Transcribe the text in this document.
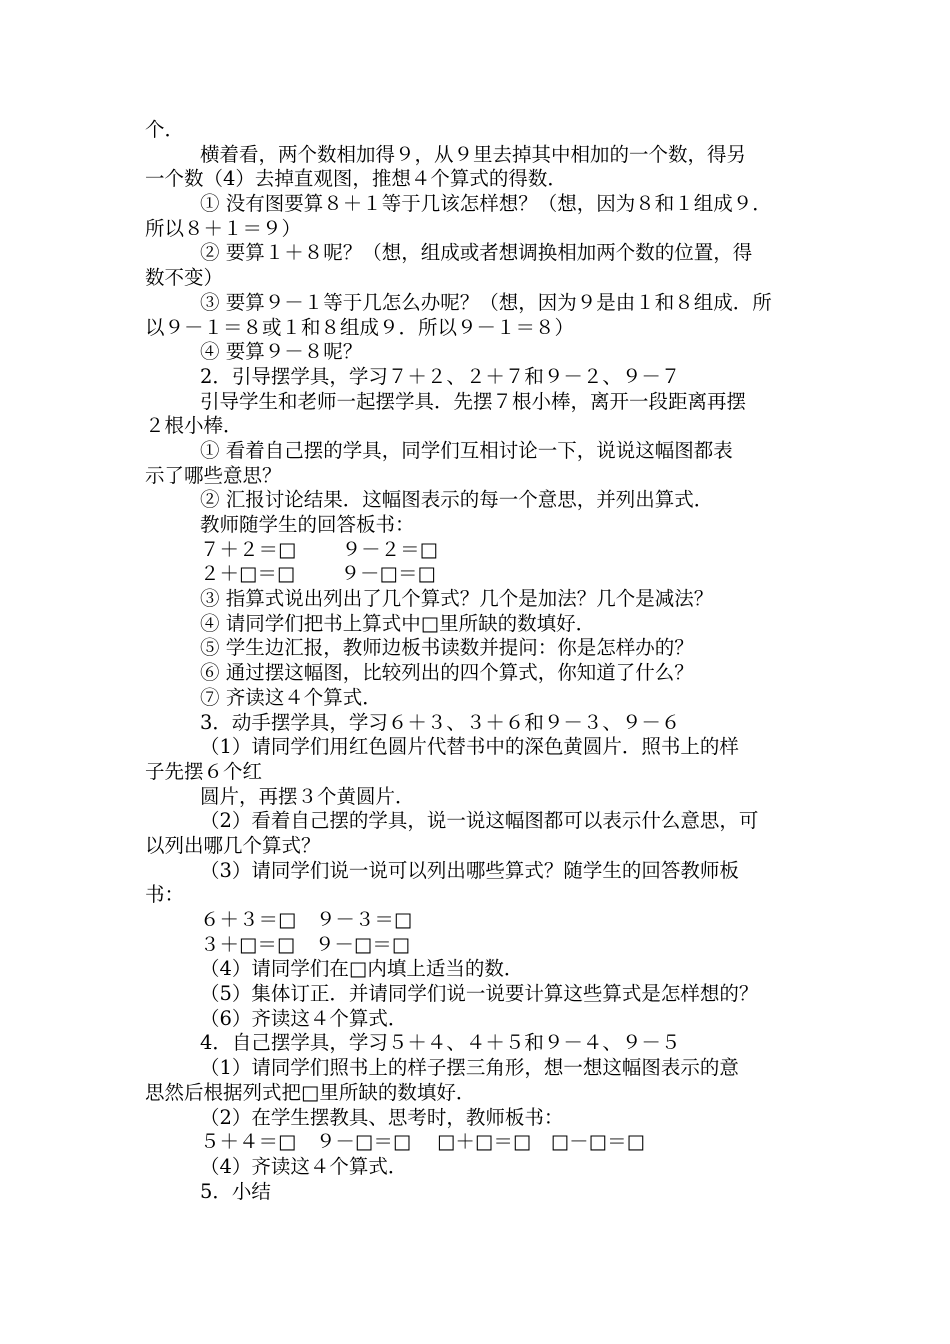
个．
横着看，两个数相加得９，从９里去掉其中相加的一个数，得另
一个数（4）去掉直观图，推想４个算式的得数．
① 没有图要算８＋１等于几该怎样想？（想，因为８和１组成９．
所以８＋１＝９）
② 要算１＋８呢？（想，组成或者想调换相加两个数的位置，得
数不变）
③ 要算９－１等于几怎么办呢？（想，因为９是由１和８组成．所
以９－１＝８或１和８组成９．所以９－１＝８）
④ 要算９－８呢？
2．引导摆学具，学习７＋２、２＋７和９－２、９－７
引导学生和老师一起摆学具．先摆７根小棒，离开一段距离再摆
２根小棒．
① 看着自己摆的学具，同学们互相讨论一下，说说这幅图都表
示了哪些意思？
② 汇报讨论结果．这幅图表示的每一个意思，并列出算式．
教师随学生的回答板书：
７＋２＝□　　 ９－２＝□
２＋□＝□　　 ９－□＝□
③ 指算式说出列出了几个算式？几个是加法？几个是减法？
④ 请同学们把书上算式中□里所缺的数填好．
⑤ 学生边汇报，教师边板书读数并提问：你是怎样办的？
⑥ 通过摆这幅图，比较列出的四个算式，你知道了什么？
⑦ 齐读这４个算式．
3．动手摆学具，学习６＋３、３＋６和９－３、９－６
（1）请同学们用红色圆片代替书中的深色黄圆片．照书上的样
子先摆６个红
圆片，再摆３个黄圆片．
（2）看着自己摆的学具，说一说这幅图都可以表示什么意思，可
以列出哪几个算式？
（3）请同学们说一说可以列出哪些算式？随学生的回答教师板
书：
６＋３＝□　９－３＝□
３＋□＝□　９－□＝□
（4）请同学们在□内填上适当的数．
（5）集体订正．并请同学们说一说要计算这些算式是怎样想的？
（6）齐读这４个算式．
4．自己摆学具，学习５＋４、４＋５和９－４、９－５
（1）请同学们照书上的样子摆三角形，想一想这幅图表示的意
思然后根据列式把□里所缺的数填好．
（2）在学生摆教具、思考时，教师板书：
５＋４＝□　９－□＝□　 □＋□＝□　□－□＝□
（4）齐读这４个算式．
5．小结
